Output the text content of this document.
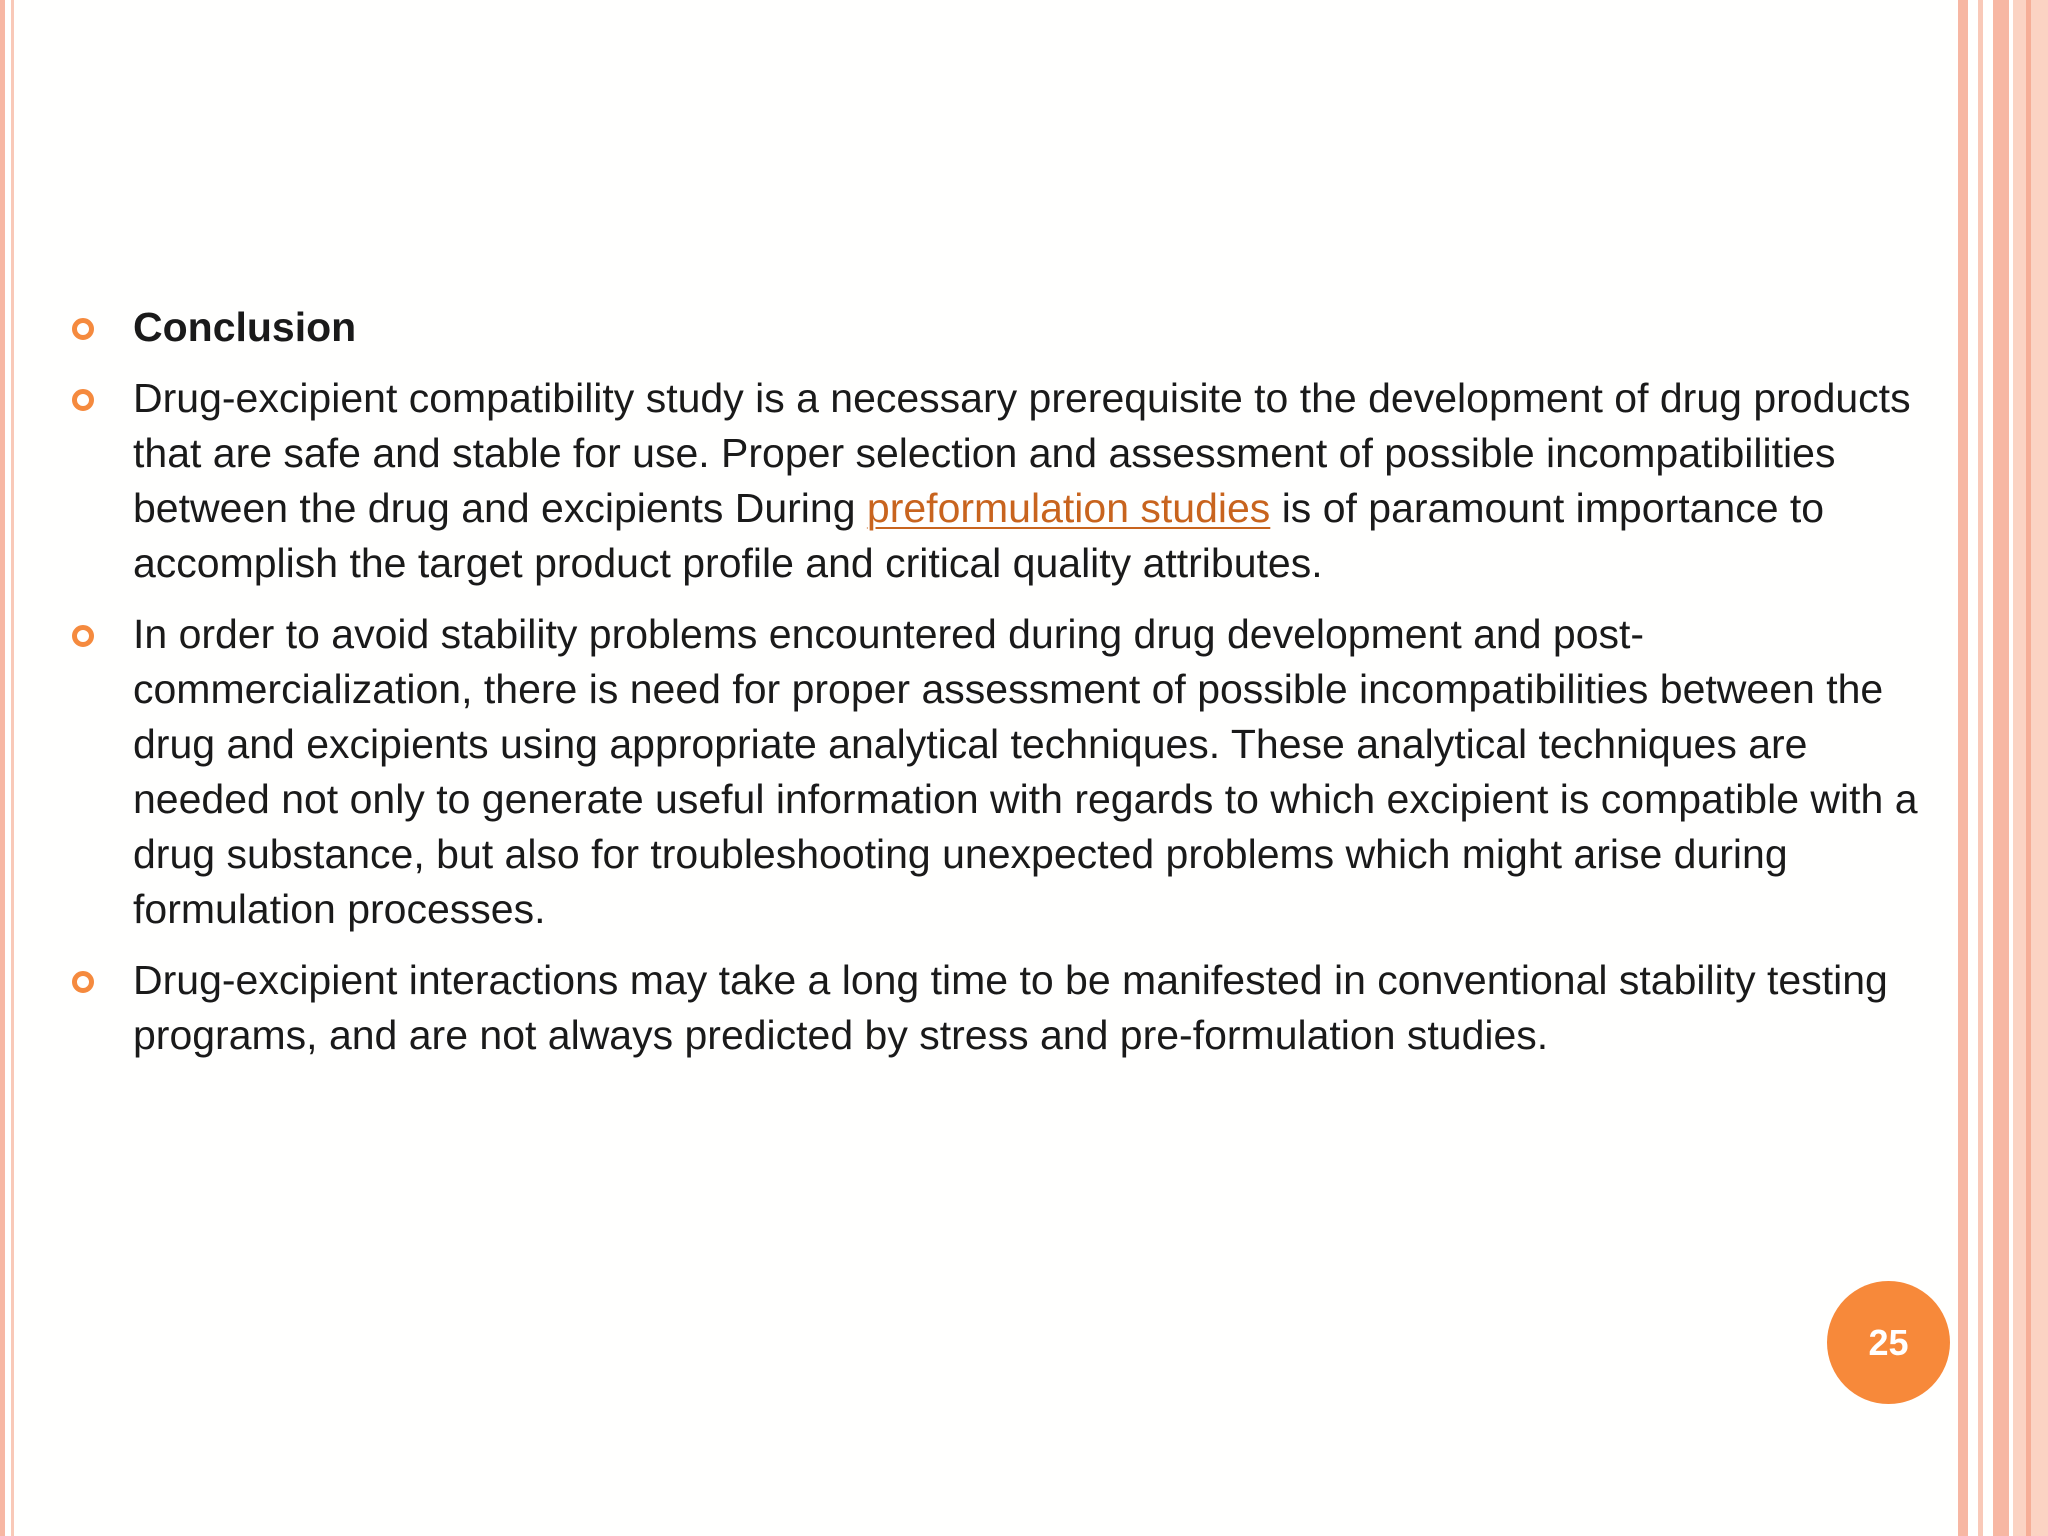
Conclusion
Drug-excipient compatibility study is a necessary prerequisite to the development of drug products that are safe and stable for use. Proper selection and assessment of possible incompatibilities between the drug and excipients During preformulation studies is of paramount importance to accomplish the target product profile and critical quality attributes.
In order to avoid stability problems encountered during drug development and post-commercialization, there is need for proper assessment of possible incompatibilities between the drug and excipients using appropriate analytical techniques. These analytical techniques are needed not only to generate useful information with regards to which excipient is compatible with a drug substance, but also for troubleshooting unexpected problems which might arise during formulation processes.
Drug-excipient interactions may take a long time to be manifested in conventional stability testing programs, and are not always predicted by stress and pre-formulation studies.
25
